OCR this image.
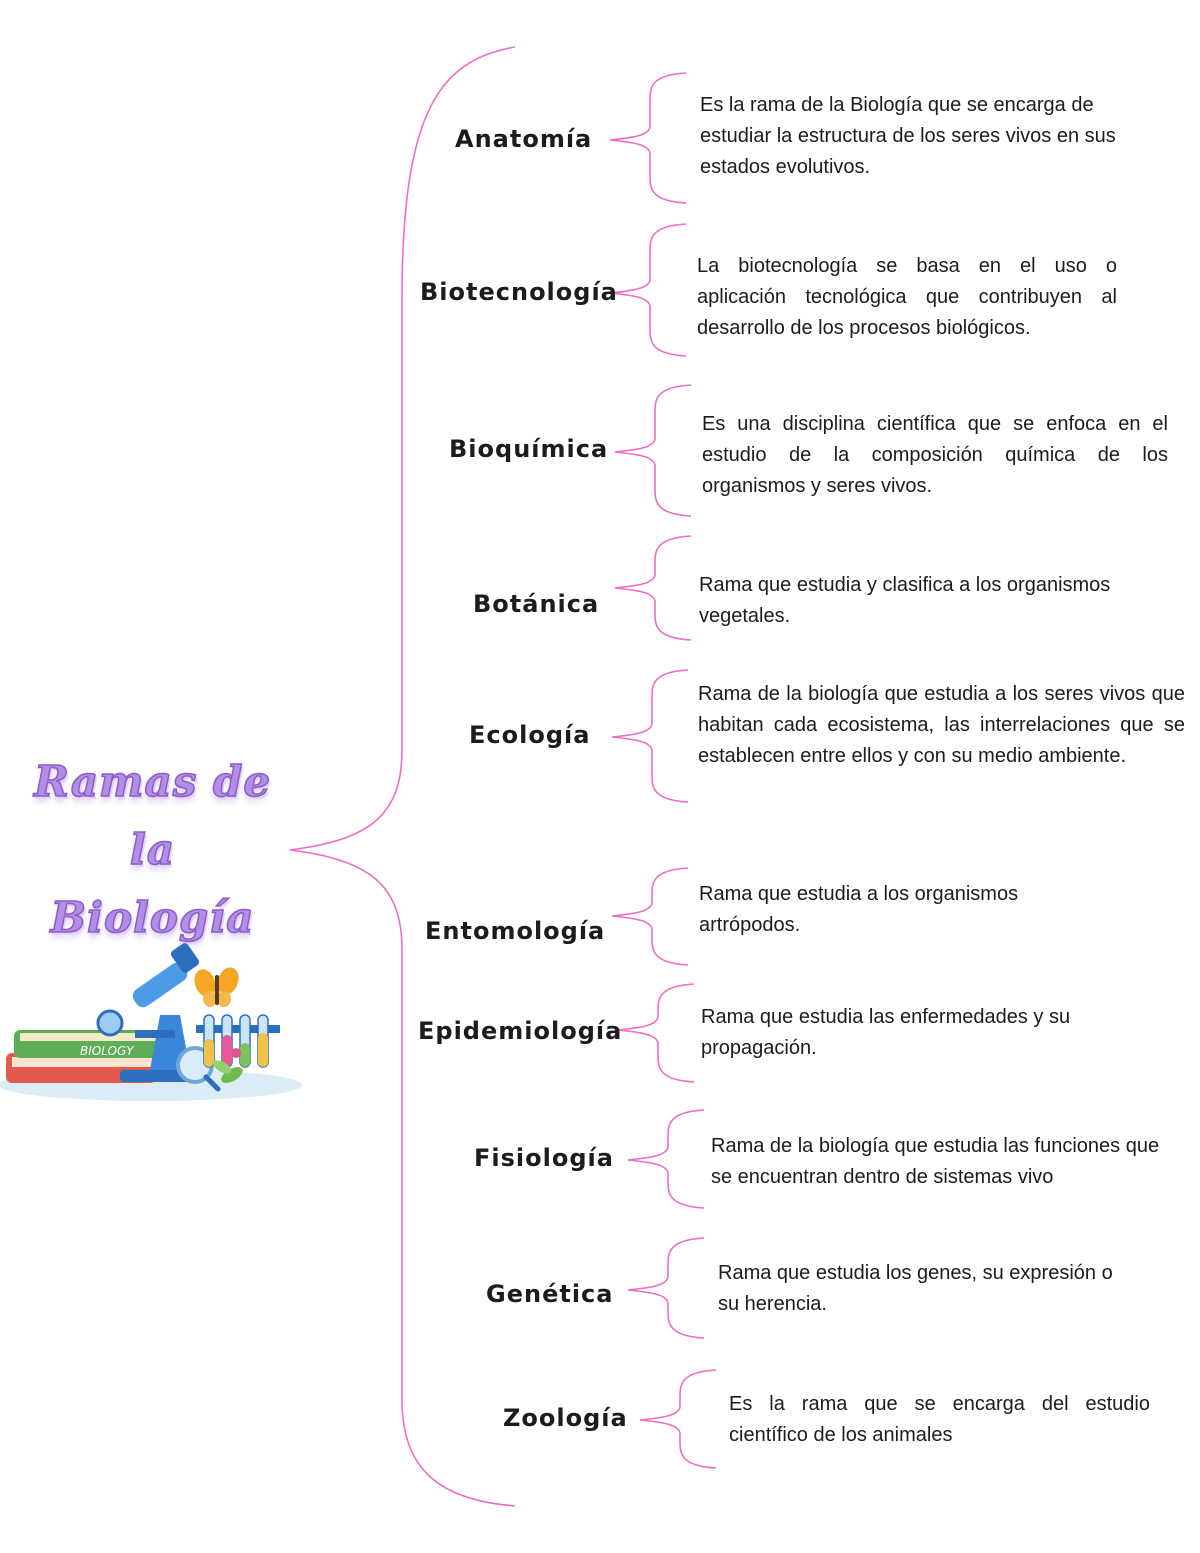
Ramas de la
Biología
BIOLOGY
Anatomía
Es la rama de la Biología que se encarga de estudiar la estructura de los seres vivos en sus estados evolutivos.
Biotecnología
La biotecnología se basa en el uso o aplicación tecnológica que contribuyen al desarrollo de los procesos biológicos.
Bioquímica
Es una disciplina científica que se enfoca en el estudio de la composición química de los organismos y seres vivos.
Botánica
Rama que estudia y clasifica a los organismos vegetales.
Ecología
Rama de la biología que estudia a los seres vivos que habitan cada ecosistema, las interrelaciones que se establecen entre ellos y con su medio ambiente.
Entomología
Rama que estudia a los organismos artrópodos.
Epidemiología	Rama que estudia las enfermedades y su propagación.
Fisiología	Rama de la biología que estudia las funciones que se encuentran dentro de sistemas vivo
Genética
Rama que estudia los genes, su expresión o su herencia.
Zoología	Es la rama que se encarga del estudio científico de los animales
